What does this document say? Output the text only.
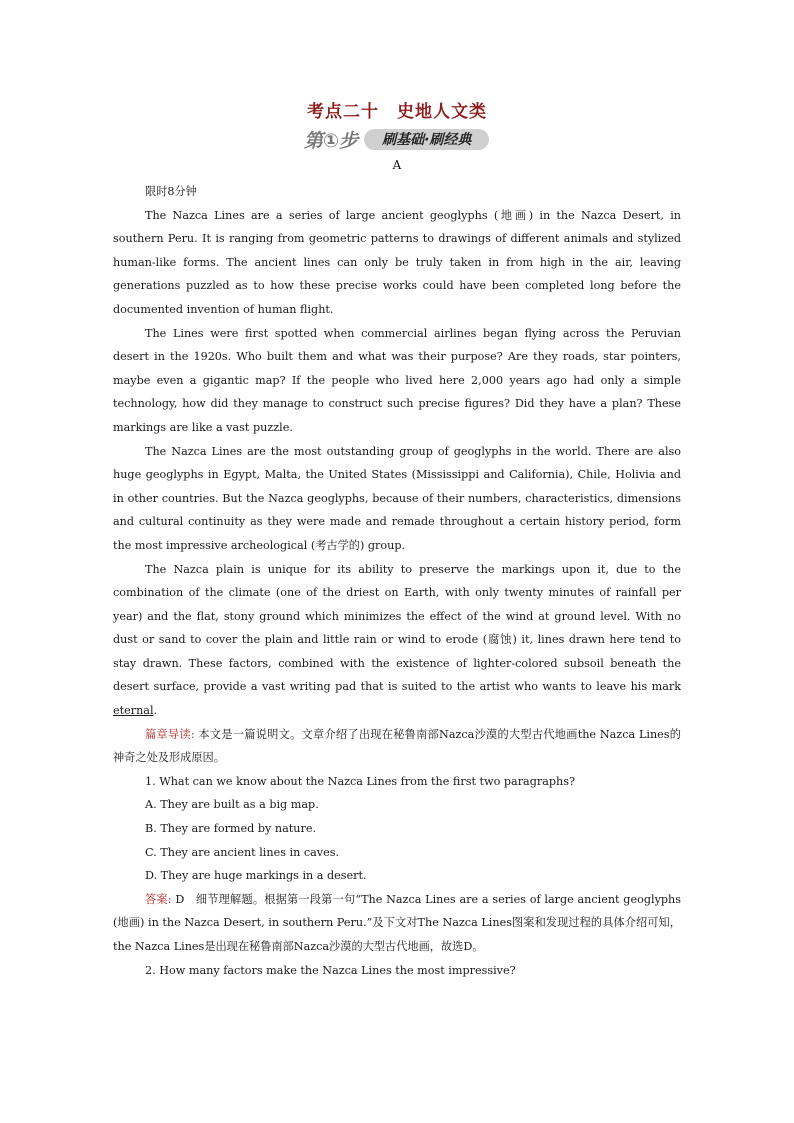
考点二十 史地人文类
第①步	刷基础·刷经典
A

限时8分钟

The Nazca Lines are a series of large ancient geoglyphs (地画) in the Nazca Desert, in southern Peru. It is ranging from geometric patterns to drawings of different animals and stylized human-like forms. The ancient lines can only be truly taken in from high in the air, leaving generations puzzled as to how these precise works could have been completed long before the documented invention of human flight.

The Lines were first spotted when commercial airlines began flying across the Peruvian desert in the 1920s. Who built them and what was their purpose? Are they roads, star pointers, maybe even a gigantic map? If the people who lived here 2,000 years ago had only a simple technology, how did they manage to construct such precise figures? Did they have a plan? These markings are like a vast puzzle.

The Nazca Lines are the most outstanding group of geoglyphs in the world. There are also huge geoglyphs in Egypt, Malta, the United States (Mississippi and California), Chile, Holivia and in other countries. But the Nazca geoglyphs, because of their numbers, characteristics, dimensions and cultural continuity as they were made and remade throughout a certain history period, form the most impressive archeological (考古学的) group.

The Nazca plain is unique for its ability to preserve the markings upon it, due to the combination of the climate (one of the driest on Earth, with only twenty minutes of rainfall per year) and the flat, stony ground which minimizes the effect of the wind at ground level. With no dust or sand to cover the plain and little rain or wind to erode (腐蚀) it, lines drawn here tend to stay drawn. These factors, combined with the existence of lighter-colored subsoil beneath the desert surface, provide a vast writing pad that is suited to the artist who wants to leave his mark eternal.

篇章导读: 本文是一篇说明文。文章介绍了出现在秘鲁南部Nazca沙漠的大型古代地画the Nazca Lines的神奇之处及形成原因。

1. What can we know about the Nazca Lines from the first two paragraphs?

A. They are built as a big map.

B. They are formed by nature.

C. They are ancient lines in caves.

D. They are huge markings in a desert.

答案: D　细节理解题。根据第一段第一句“The Nazca Lines are a series of large ancient geoglyphs (地画) in the Nazca Desert, in southern Peru.”及下文对The Nazca Lines图案和发现过程的具体介绍可知，the Nazca Lines是出现在秘鲁南部Nazca沙漠的大型古代地画，故选D。

2. How many factors make the Nazca Lines the most impressive?
